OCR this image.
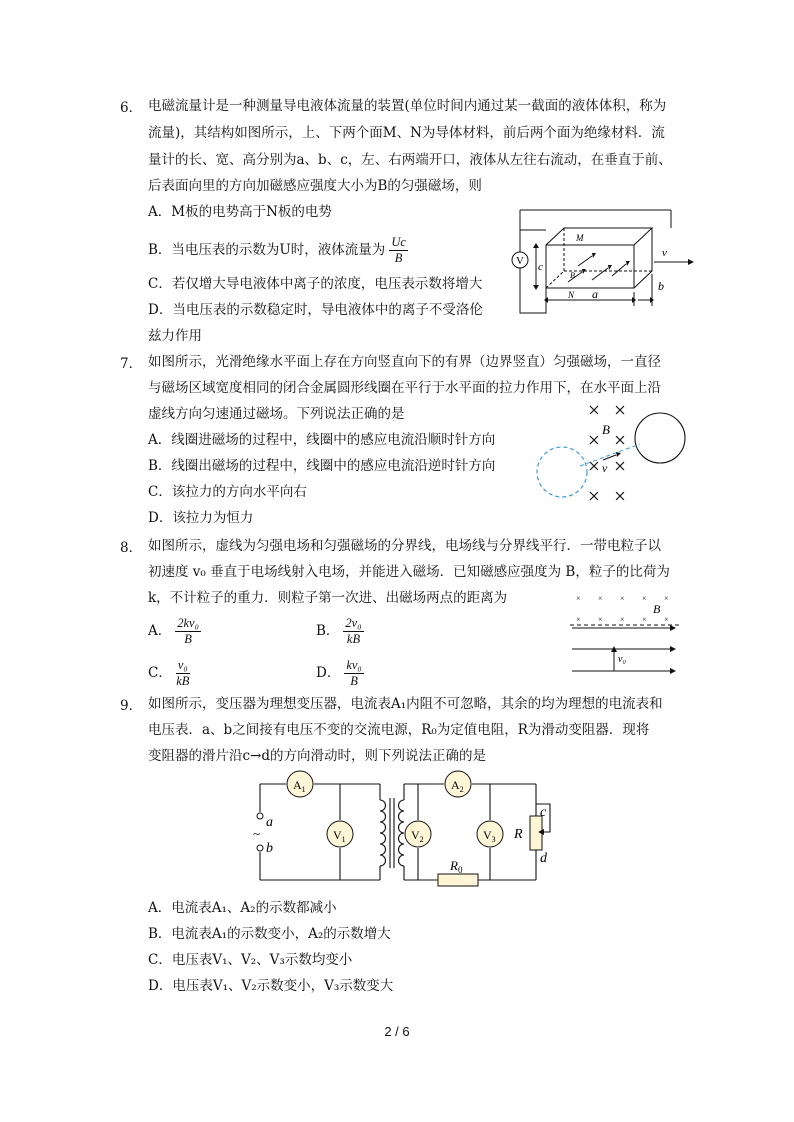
6． 电磁流量计是一种测量导电液体流量的装置(单位时间内通过某一截面的液体体积，称为
流量)，其结构如图所示，上、下两个面M、N为导体材料，前后两个面为绝缘材料．流
量计的长、宽、高分别为a、b、c，左、右两端开口，液体从左往右流动，在垂直于前、
后表面向里的方向加磁感应强度大小为B的匀强磁场，则
A．M板的电势高于N板的电势
B．当电压表的示数为U时，液体流量为 $\frac{Uc}{B}$
C．若仅增大导电液体中离子的浓度，电压表示数将增大
D．当电压表的示数稳定时，导电液体中的离子不受洛伦
兹力作用
V
M
N
c
a
b
v
B
7． 如图所示，光滑绝缘水平面上存在方向竖直向下的有界（边界竖直）匀强磁场，一直径
与磁场区域宽度相同的闭合金属圆形线圈在平行于水平面的拉力作用下，在水平面上沿
虚线方向匀速通过磁场。下列说法正确的是
A．线圈进磁场的过程中，线圈中的感应电流沿顺时针方向
B．线圈出磁场的过程中，线圈中的感应电流沿逆时针方向
C．该拉力的方向水平向右
D．该拉力为恒力
B
v
8． 如图所示，虚线为匀强电场和匀强磁场的分界线，电场线与分界线平行．一带电粒子以
初速度 v₀ 垂直于电场线射入电场，并能进入磁场．已知磁感应强度为 B，粒子的比荷为
k，不计粒子的重力．则粒子第一次进、出磁场两点的距离为
A． $\frac{\text{2kv₀}}{B}$	B． $\frac{\text{2v₀}}{kB}$
C． $\frac{\text{v₀}}{kB}$	D． $\frac{\text{kv₀}}{B}$
× × × × ×
× × × × ×
B
v₀
9． 如图所示，变压器为理想变压器，电流表A₁内阻不可忽略，其余的均为理想的电流表和
电压表．a、b之间接有电压不变的交流电源，R₀为定值电阻，R为滑动变阻器．现将
变阻器的滑片沿c→d的方向滑动时，则下列说法正确的是
$A_1$	$A_2$
$V_1$	$V_2$	$V_3$
a
~
b
R
c
d
$R_0$
A．电流表A₁、A₂的示数都减小
B．电流表A₁的示数变小，A₂的示数增大
C．电压表V₁、V₂、V₃示数均变小
D．电压表V₁、V₂示数变小，V₃示数变大
2 / 6
